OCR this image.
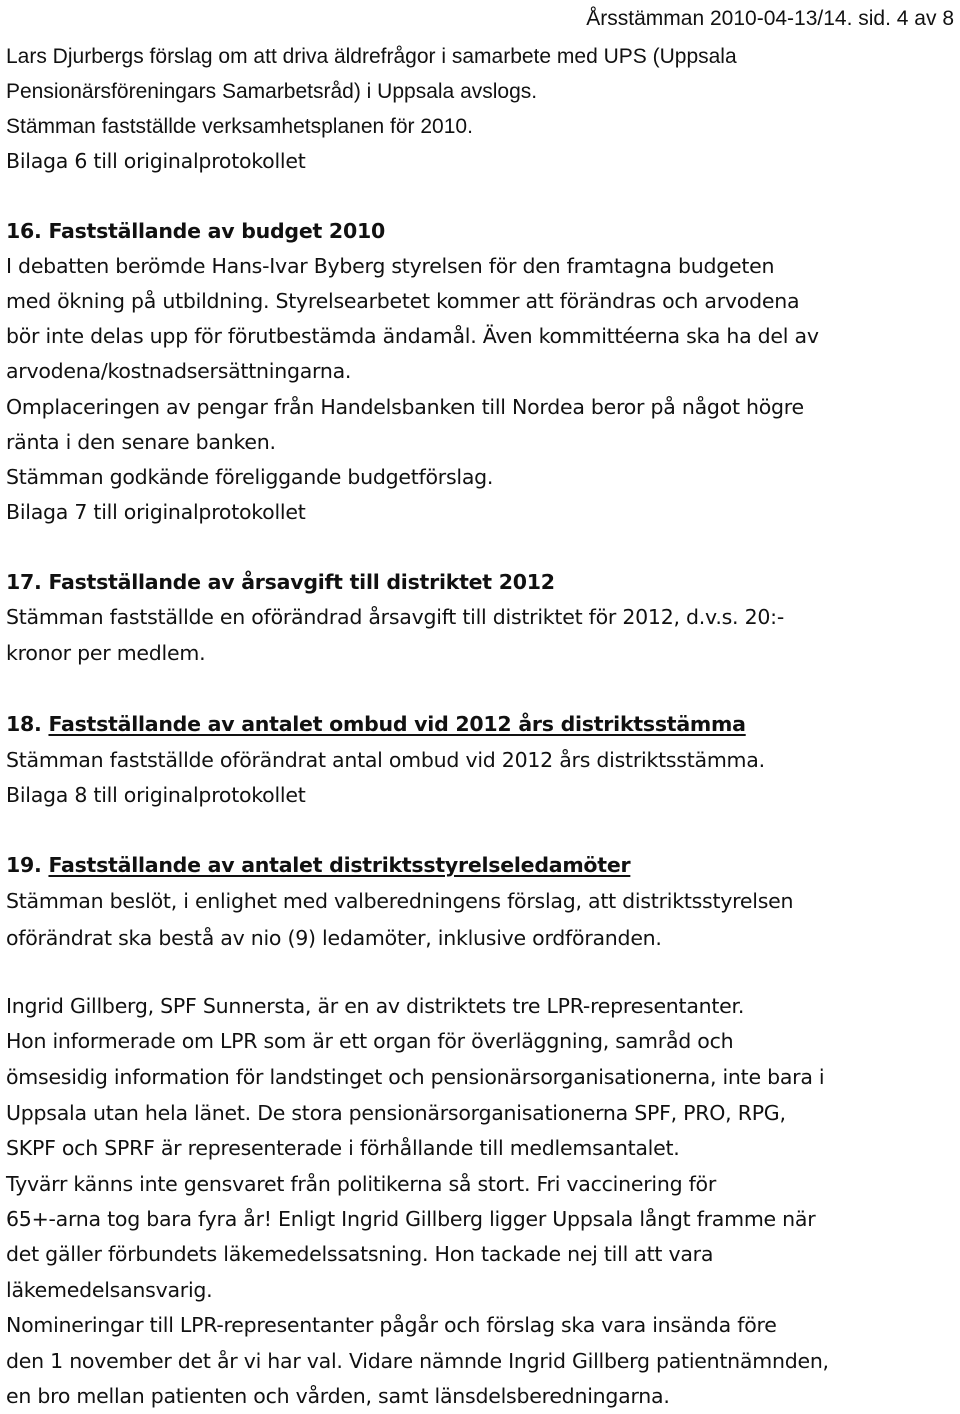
Årsstämman 2010-04-13/14. sid. 4 av 8
Lars Djurbergs förslag om att driva äldrefrågor i samarbete med UPS (Uppsala
Pensionärsföreningars Samarbetsråd) i Uppsala avslogs.
Stämman fastställde verksamhetsplanen för 2010.
Bilaga 6 till originalprotokollet
16. Fastställande av budget 2010
I debatten berömde Hans-Ivar Byberg styrelsen för den framtagna budgeten
med ökning på utbildning. Styrelsearbetet kommer att förändras och arvodena
bör inte delas upp för förutbestämda ändamål. Även kommittéerna ska ha del av
arvodena/kostnadsersättningarna.
Omplaceringen av pengar från Handelsbanken till Nordea beror på något högre
ränta i den senare banken.
Stämman godkände föreliggande budgetförslag.
Bilaga 7 till originalprotokollet
17. Fastställande av årsavgift till distriktet 2012
Stämman fastställde en oförändrad årsavgift till distriktet för 2012, d.v.s. 20:-
kronor per medlem.
18. Fastställande av antalet ombud vid 2012 års distriktsstämma
Stämman fastställde oförändrat antal ombud vid 2012 års distriktsstämma.
Bilaga 8 till originalprotokollet
19. Fastställande av antalet distriktsstyrelseledamöter
Stämman beslöt, i enlighet med valberedningens förslag, att distriktsstyrelsen
oförändrat ska bestå av nio (9) ledamöter, inklusive ordföranden.
Ingrid Gillberg, SPF Sunnersta, är en av distriktets tre LPR-representanter.
Hon informerade om LPR som är ett organ för överläggning, samråd och
ömsesidig information för landstinget och pensionärsorganisationerna, inte bara i
Uppsala utan hela länet. De stora pensionärsorganisationerna SPF, PRO, RPG,
SKPF och SPRF är representerade i förhållande till medlemsantalet.
Tyvärr känns inte gensvaret från politikerna så stort. Fri vaccinering för
65+-arna tog bara fyra år! Enligt Ingrid Gillberg ligger Uppsala långt framme när
det gäller förbundets läkemedelssatsning. Hon tackade nej till att vara
läkemedelsansvarig.
Nomineringar till LPR-representanter pågår och förslag ska vara insända före
den 1 november det år vi har val. Vidare nämnde Ingrid Gillberg patientnämnden,
en bro mellan patienten och vården, samt länsdelsberedningarna.
